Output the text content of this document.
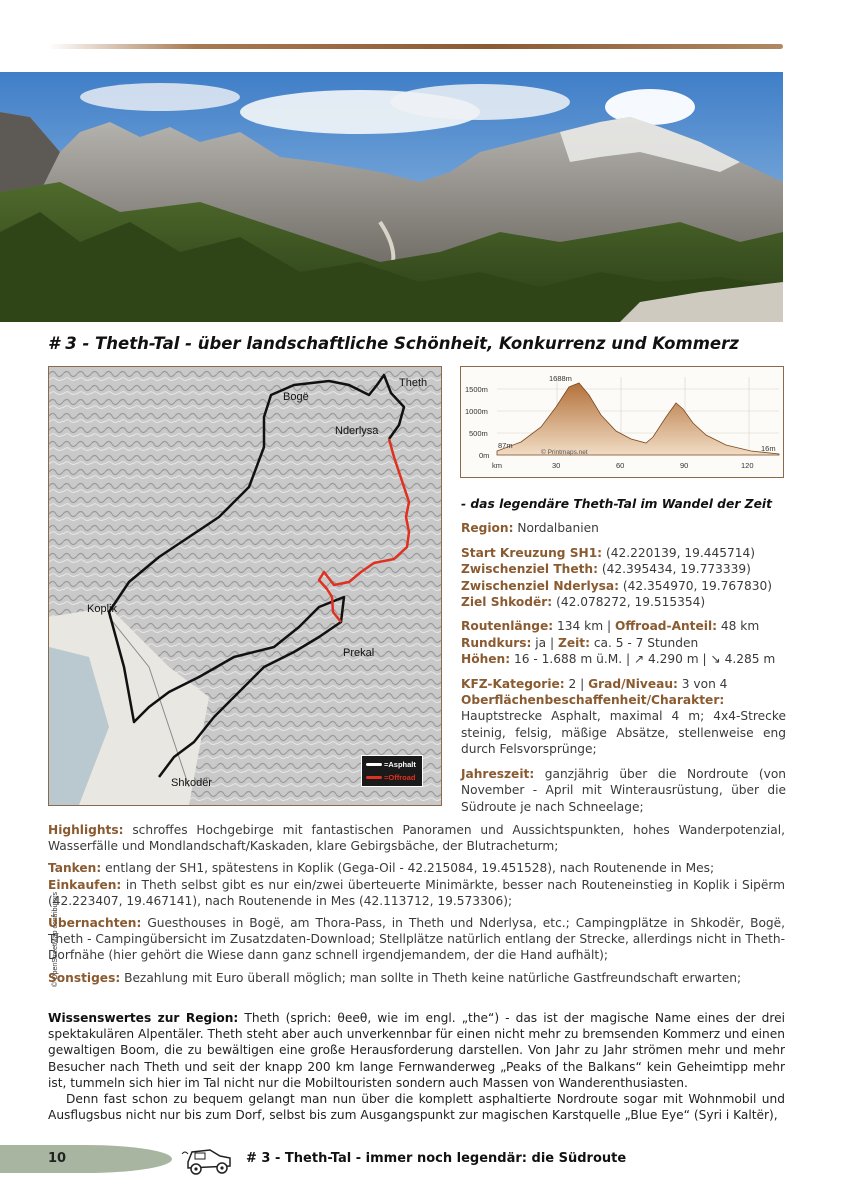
# 3 - Theth-Tal - über landschaftliche Schönheit, Konkurrenz und Kommerz
Bogë
Theth
Nderlysa
Koplik
Prekal
Shkodër
© OpenStreetMap contributors
=Asphalt
=Offroad
1500m
1000m
500m
0m
km	30	60	90	120
1688m
87m	16m
© Printmaps.net

- das legendäre Theth-Tal im Wandel der Zeit

Region: Nordalbanien

Start Kreuzung SH1: (42.220139, 19.445714)
Zwischenziel Theth: (42.395434, 19.773339)
Zwischenziel Nderlysa: (42.354970, 19.767830)
Ziel Shkodër: (42.078272, 19.515354)

Routenlänge: 134 km | Offroad-Anteil: 48 km
Rundkurs: ja | Zeit: ca. 5 - 7 Stunden
Höhen: 16 - 1.688 m ü.M. | ↗ 4.290 m | ↘ 4.285 m

KFZ-Kategorie: 2 | Grad/Niveau: 3 von 4
Oberflächenbeschaffenheit/Charakter:
Hauptstrecke Asphalt, maximal 4 m; 4x4-Strecke steinig, felsig, mäßige Absätze, stellenweise eng durch Felsvorsprünge;

Jahreszeit: ganzjährig über die Nordroute (von November - April mit Winterausrüstung, über die Südroute je nach Schneelage;

Highlights: schroffes Hochgebirge mit fantastischen Panoramen und Aussichtspunkten, hohes Wanderpotenzial, Wasserfälle und Mondlandschaft/Kaskaden, klare Gebirgsbäche, der Blutracheturm;

Tanken: entlang der SH1, spätestens in Koplik (Gega-Oil - 42.215084, 19.451528), nach Routenende in Mes;

Einkaufen: in Theth selbst gibt es nur ein/zwei überteuerte Minimärkte, besser nach Routeneinstieg in Koplik i Sipërm (42.223407, 19.467141), nach Routenende in Mes (42.113712, 19.573306);

Übernachten: Guesthouses in Bogë, am Thora-Pass, in Theth und Nderlysa, etc.; Campingplätze in Shkodër, Bogë, Theth - Campingübersicht im Zusatzdaten-Download; Stellplätze natürlich entlang der Strecke, allerdings nicht in Theth-Dorfnähe (hier gehört die Wiese dann ganz schnell irgendjemandem, der die Hand aufhält);

Sonstiges: Bezahlung mit Euro überall möglich; man sollte in Theth keine natürliche Gastfreundschaft erwarten;

Wissenswertes zur Region: Theth (sprich: θeeθ, wie im engl. „the“) - das ist der magische Name eines der drei spektakulären Alpentäler. Theth steht aber auch unverkennbar für einen nicht mehr zu bremsenden Kommerz und einen gewaltigen Boom, die zu bewältigen eine große Herausforderung darstellen. Von Jahr zu Jahr strömen mehr und mehr Besucher nach Theth und seit der knapp 200 km lange Fernwanderweg „Peaks of the Balkans“ kein Geheimtipp mehr ist, tummeln sich hier im Tal nicht nur die Mobiltouristen sondern auch Massen von Wanderenthusiasten.

Denn fast schon zu bequem gelangt man nun über die komplett asphaltierte Nordroute sogar mit Wohnmobil und Ausflugsbus nicht nur bis zum Dorf, selbst bis zum Ausgangspunkt zur magischen Karstquelle „Blue Eye“ (Syri i Kaltër),

10	# 3 - Theth-Tal - immer noch legendär: die Südroute
